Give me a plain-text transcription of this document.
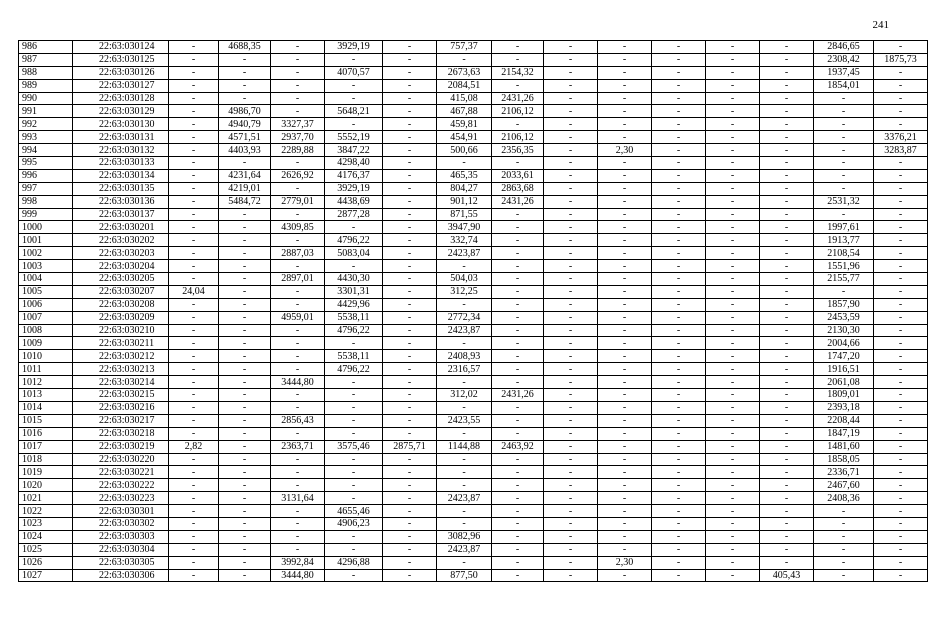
241
986	22:63:030124	-	4688,35	-	3929,19	-	757,37	-	-	-	-	-	-	2846,65	-
987	22:63:030125	-	-	-	-	-	-	-	-	-	-	-	-	2308,42	1875,73
988	22:63:030126	-	-	-	4070,57	-	2673,63	2154,32	-	-	-	-	-	1937,45	-
989	22:63:030127	-	-	-	-	-	2084,51	-	-	-	-	-	-	1854,01	-
990	22:63:030128	-	-	-	-	-	415,08	2431,26	-	-	-	-	-	-	-
991	22:63:030129	-	4986,70	-	5648,21	-	467,88	2106,12	-	-	-	-	-	-	-
992	22:63:030130	-	4940,79	3327,37	-	-	459,81	-	-	-	-	-	-	-	-
993	22:63:030131	-	4571,51	2937,70	5552,19	-	454,91	2106,12	-	-	-	-	-	-	3376,21
994	22:63:030132	-	4403,93	2289,88	3847,22	-	500,66	2356,35	-	2,30	-	-	-	-	3283,87
995	22:63:030133	-	-	-	4298,40	-	-	-	-	-	-	-	-	-	-
996	22:63:030134	-	4231,64	2626,92	4176,37	-	465,35	2033,61	-	-	-	-	-	-	-
997	22:63:030135	-	4219,01	-	3929,19	-	804,27	2863,68	-	-	-	-	-	-	-
998	22:63:030136	-	5484,72	2779,01	4438,69	-	901,12	2431,26	-	-	-	-	-	2531,32	-
999	22:63:030137	-	-	-	2877,28	-	871,55	-	-	-	-	-	-	-	-
1000	22:63:030201	-	-	4309,85	-	-	3947,90	-	-	-	-	-	-	1997,61	-
1001	22:63:030202	-	-	-	4796,22	-	332,74	-	-	-	-	-	-	1913,77	-
1002	22:63:030203	-	-	2887,03	5083,04	-	2423,87	-	-	-	-	-	-	2108,54	-
1003	22:63:030204	-	-	-	-	-	-	-	-	-	-	-	-	1551,96	-
1004	22:63:030205	-	-	2897,01	4430,30	-	504,03	-	-	-	-	-	-	2155,77	-
1005	22:63:030207	24,04	-	-	3301,31	-	312,25	-	-	-	-	-	-	-	-
1006	22:63:030208	-	-	-	4429,96	-	-	-	-	-	-	-	-	1857,90	-
1007	22:63:030209	-	-	4959,01	5538,11	-	2772,34	-	-	-	-	-	-	2453,59	-
1008	22:63:030210	-	-	-	4796,22	-	2423,87	-	-	-	-	-	-	2130,30	-
1009	22:63:030211	-	-	-	-	-	-	-	-	-	-	-	-	2004,66	-
1010	22:63:030212	-	-	-	5538,11	-	2408,93	-	-	-	-	-	-	1747,20	-
1011	22:63:030213	-	-	-	4796,22	-	2316,57	-	-	-	-	-	-	1916,51	-
1012	22:63:030214	-	-	3444,80	-	-	-	-	-	-	-	-	-	2061,08	-
1013	22:63:030215	-	-	-	-	-	312,02	2431,26	-	-	-	-	-	1809,01	-
1014	22:63:030216	-	-	-	-	-	-	-	-	-	-	-	-	2393,18	-
1015	22:63:030217	-	-	2856,43	-	-	2423,55	-	-	-	-	-	-	2208,44	-
1016	22:63:030218	-	-	-	-	-	-	-	-	-	-	-	-	1847,19	-
1017	22:63:030219	2,82	-	2363,71	3575,46	2875,71	1144,88	2463,92	-	-	-	-	-	1481,60	-
1018	22:63:030220	-	-	-	-	-	-	-	-	-	-	-	-	1858,05	-
1019	22:63:030221	-	-	-	-	-	-	-	-	-	-	-	-	2336,71	-
1020	22:63:030222	-	-	-	-	-	-	-	-	-	-	-	-	2467,60	-
1021	22:63:030223	-	-	3131,64	-	-	2423,87	-	-	-	-	-	-	2408,36	-
1022	22:63:030301	-	-	-	4655,46	-	-	-	-	-	-	-	-	-	-
1023	22:63:030302	-	-	-	4906,23	-	-	-	-	-	-	-	-	-	-
1024	22:63:030303	-	-	-	-	-	3082,96	-	-	-	-	-	-	-	-
1025	22:63:030304	-	-	-	-	-	2423,87	-	-	-	-	-	-	-	-
1026	22:63:030305	-	-	3992,84	4296,88	-	-	-	-	2,30	-	-	-	-	-
1027	22:63:030306	-	-	3444,80	-	-	877,50	-	-	-	-	-	405,43	-	-
